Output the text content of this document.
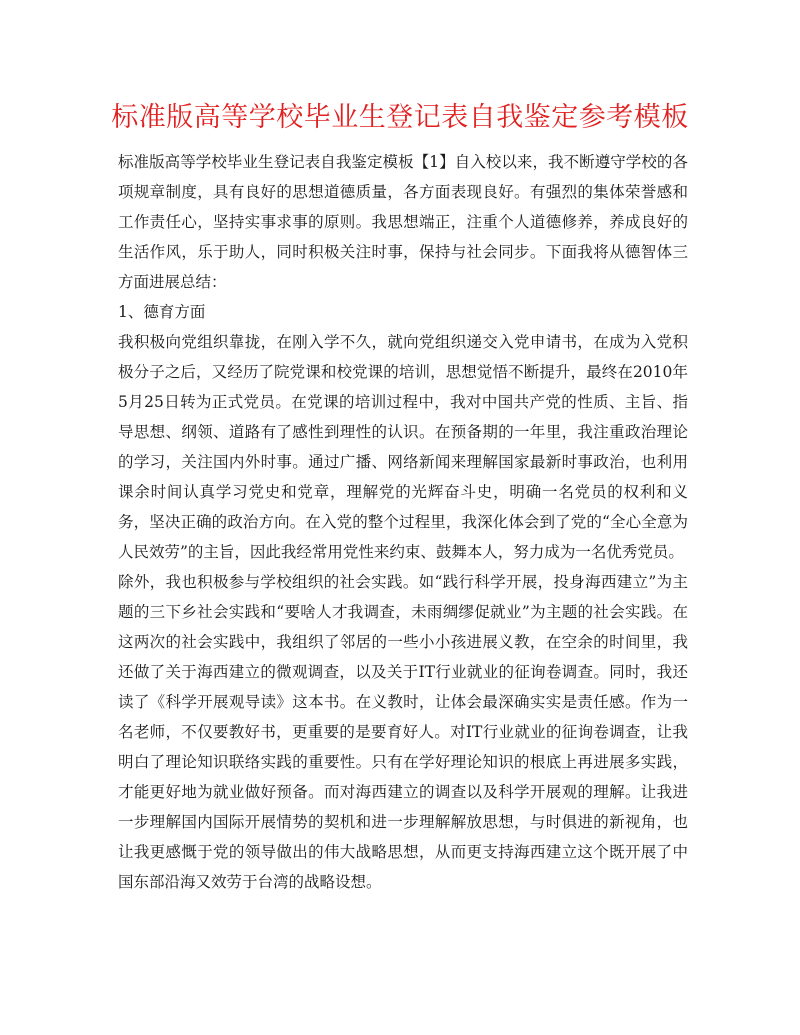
标准版高等学校毕业生登记表自我鉴定参考模板

标准版高等学校毕业生登记表自我鉴定模板【1】自入校以来，我不断遵守学校的各项规章制度，具有良好的思想道德质量，各方面表现良好。有强烈的集体荣誉感和工作责任心，坚持实事求事的原则。我思想端正，注重个人道德修养，养成良好的生活作风，乐于助人，同时积极关注时事，保持与社会同步。下面我将从德智体三方面进展总结：

1、德育方面

我积极向党组织靠拢，在刚入学不久，就向党组织递交入党申请书，在成为入党积极分子之后，又经历了院党课和校党课的培训，思想觉悟不断提升，最终在2010年5月25日转为正式党员。在党课的培训过程中，我对中国共产党的性质、主旨、指导思想、纲领、道路有了感性到理性的认识。在预备期的一年里，我注重政治理论的学习，关注国内外时事。通过广播、网络新闻来理解国家最新时事政治，也利用课余时间认真学习党史和党章，理解党的光辉奋斗史，明确一名党员的权利和义务，坚决正确的政治方向。在入党的整个过程里，我深化体会到了党的“全心全意为人民效劳”的主旨，因此我经常用党性来约束、鼓舞本人，努力成为一名优秀党员。

除外，我也积极参与学校组织的社会实践。如“践行科学开展，投身海西建立”为主题的三下乡社会实践和“要啥人才我调查，未雨绸缪促就业”为主题的社会实践。在这两次的社会实践中，我组织了邻居的一些小小孩进展义教，在空余的时间里，我还做了关于海西建立的微观调查，以及关于IT行业就业的征询卷调查。同时，我还读了《科学开展观导读》这本书。在义教时，让体会最深确实实是责任感。作为一名老师，不仅要教好书，更重要的是要育好人。对IT行业就业的征询卷调查，让我明白了理论知识联络实践的重要性。只有在学好理论知识的根底上再进展多实践，才能更好地为就业做好预备。而对海西建立的调查以及科学开展观的理解。让我进一步理解国内国际开展情势的契机和进一步理解解放思想，与时俱进的新视角，也让我更感慨于党的领导做出的伟大战略思想，从而更支持海西建立这个既开展了中国东部沿海又效劳于台湾的战略设想。
